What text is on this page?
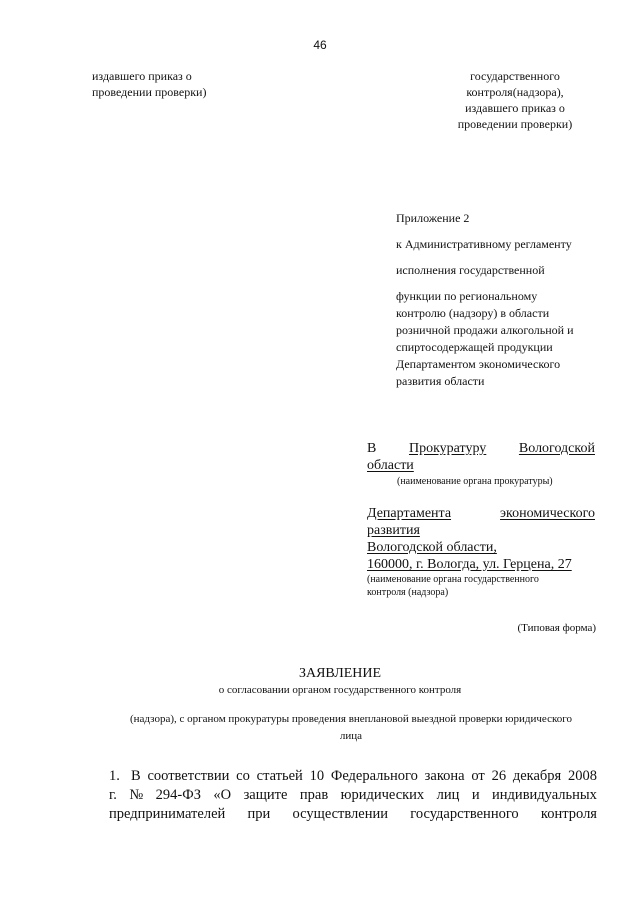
46
издавшего приказ о
проведении проверки)
государственного
контроля(надзора),
издавшего приказ о
проведении проверки)
Приложение 2
к Административному регламенту
исполнения государственной
функции по региональному
контролю (надзору) в области
розничной продажи алкогольной и
спиртосодержащей продукции
Департаментом экономического
развития области
В Прокуратуру Вологодской
области
(наименование органа прокуратуры)
Департамента	экономического
развития
Вологодской области,
160000, г. Вологда, ул. Герцена, 27
(наименование органа государственного
контроля (надзора)
(Типовая форма)
ЗАЯВЛЕНИЕ
о согласовании органом государственного контроля
(надзора), с органом прокуратуры проведения внеплановой выездной проверки юридического
лица
1. В соответствии со статьей 10 Федерального закона от 26 декабря 2008
г. № 294-ФЗ «О защите прав юридических лиц и индивидуальных
предпринимателей при осуществлении государственного контроля
